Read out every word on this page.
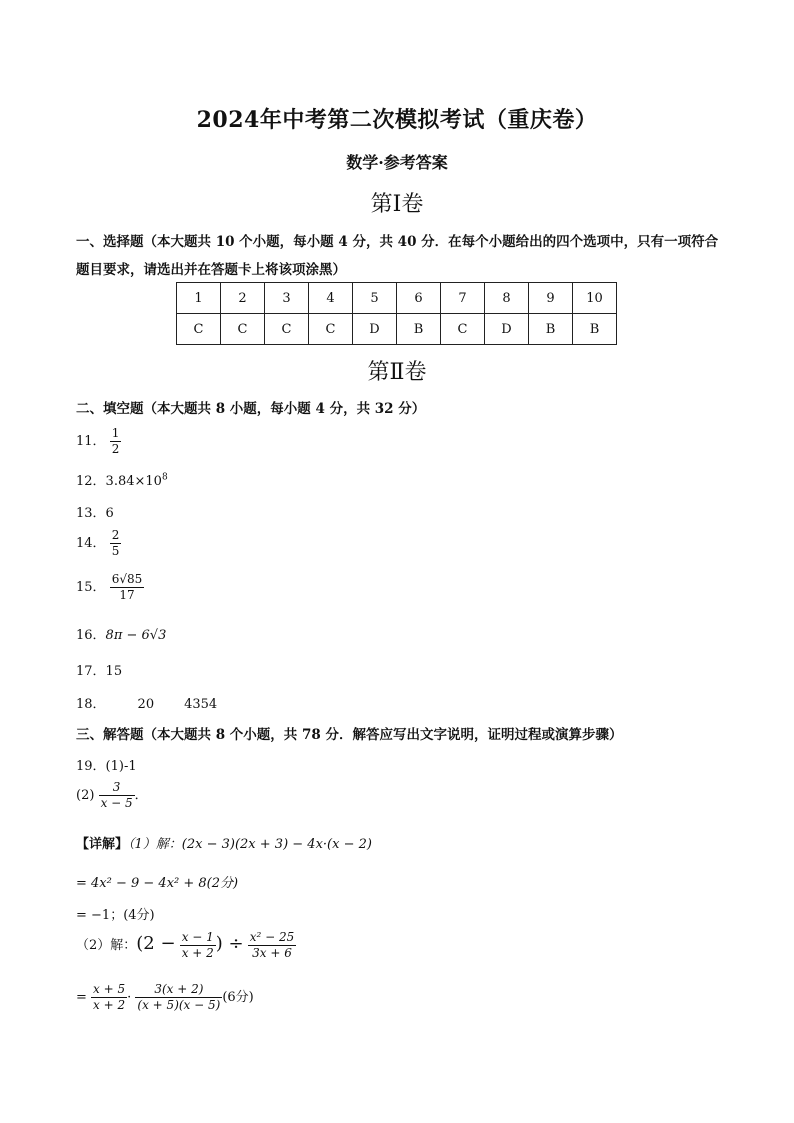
2024年中考第二次模拟考试（重庆卷）
数学·参考答案
第Ⅰ卷
一、选择题（本大题共 10 个小题，每小题 4 分，共 40 分．在每个小题给出的四个选项中，只有一项符合
题目要求，请选出并在答题卡上将该项涂黑）
1	2	3	4	5	6	7	8	9	10
C	C	C	C	D	B	C	D	B	B
第Ⅱ卷
二、填空题（本大题共 8 小题，每小题 4 分，共 32 分）
11． $\frac{1}{2}$
12．$3.84\times 10^8$
13．6
14． $\frac{2}{5}$
15． $\frac{6√85}{17}$
16．8π − 6√3
17．15
18． 20 4354
三、解答题（本大题共 8 个小题，共 78 分．解答应写出文字说明，证明过程或演算步骤）
19．(1)-1
$(2) \frac{3}{x - 5}$ ．
【详解】（1）解：(2x − 3)(2x + 3) − 4x·(x − 2)
= 4x² − 9 − 4x² + 8(2分)
= −1；(4分)
（2）解：($2 - \frac{x - 1}{x + 2}$ ) ÷ $\frac{\text{x² − 25}}{3x + 6}$
= $\frac{x + 5}{x + 2} \cdot \frac{3(x + 2)}{(x + 5)(x - 5)} (6$分)
